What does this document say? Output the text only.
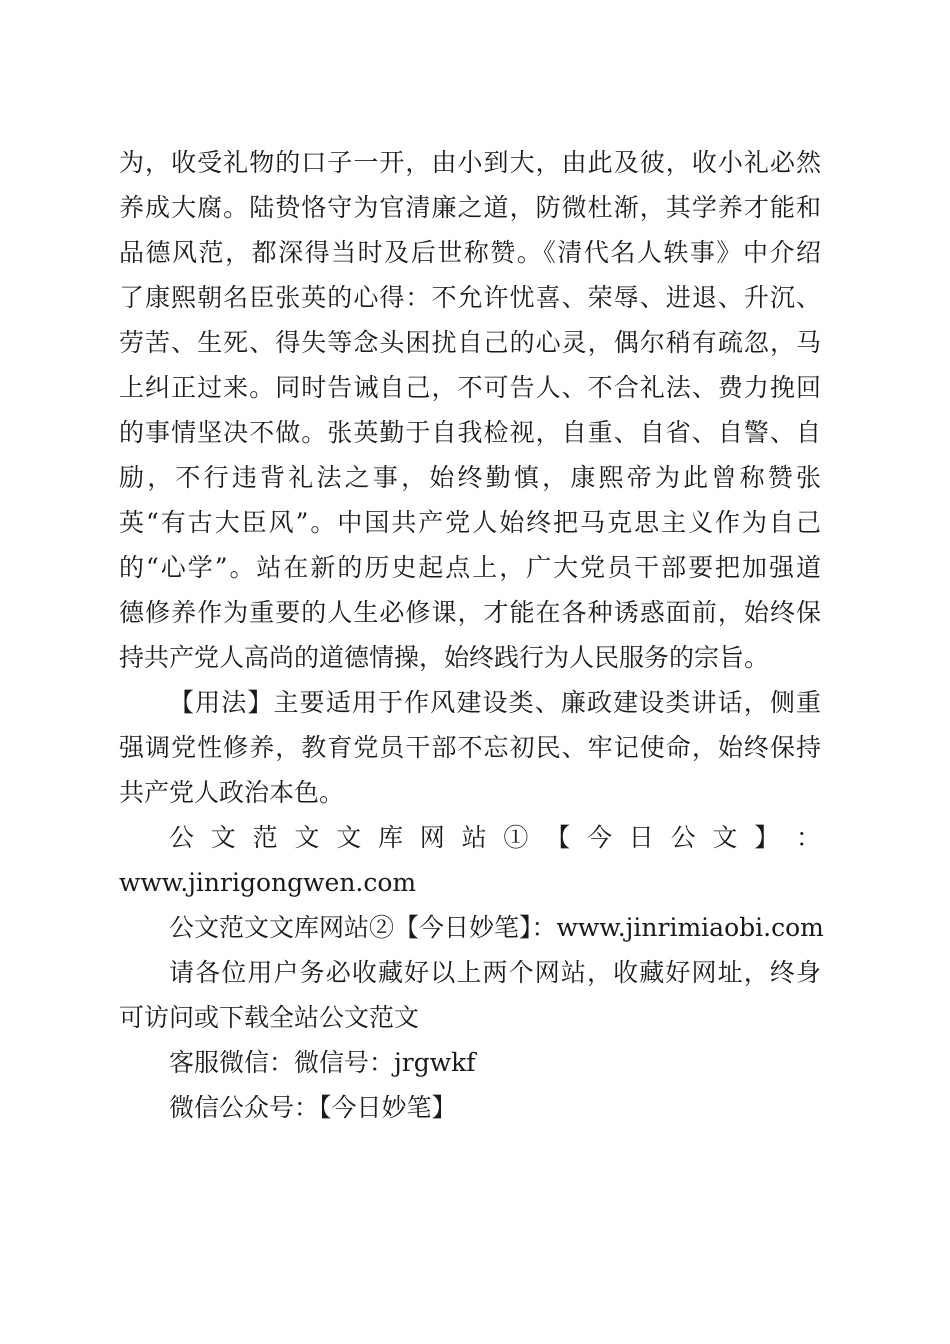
为，收受礼物的口子一开，由小到大，由此及彼，收小礼必然
养成大腐。陆贽恪守为官清廉之道，防微杜渐，其学养才能和
品德风范，都深得当时及后世称赞。《清代名人轶事》中介绍
了康熙朝名臣张英的心得：不允许忧喜、荣辱、进退、升沉、
劳苦、生死、得失等念头困扰自己的心灵，偶尔稍有疏忽，马
上纠正过来。同时告诫自己，不可告人、不合礼法、费力挽回
的事情坚决不做。张英勤于自我检视，自重、自省、自警、自
励，不行违背礼法之事，始终勤慎，康熙帝为此曾称赞张
英“有古大臣风”。中国共产党人始终把马克思主义作为自己
的“心学”。站在新的历史起点上，广大党员干部要把加强道
德修养作为重要的人生必修课，才能在各种诱惑面前，始终保
持共产党人高尚的道德情操，始终践行为人民服务的宗旨。
【用法】主要适用于作风建设类、廉政建设类讲话，侧重
强调党性修养，教育党员干部不忘初民、牢记使命，始终保持
共产党人政治本色。
公 文 范 文 文 库 网 站 ① 【 今 日 公 文 】 ：
www.jinrigongwen.com
公文范文文库网站②【今日妙笔】：www.jinrimiaobi.com
请各位用户务必收藏好以上两个网站，收藏好网址，终身
可访问或下载全站公文范文
客服微信：微信号：jrgwkf
微信公众号：【今日妙笔】
